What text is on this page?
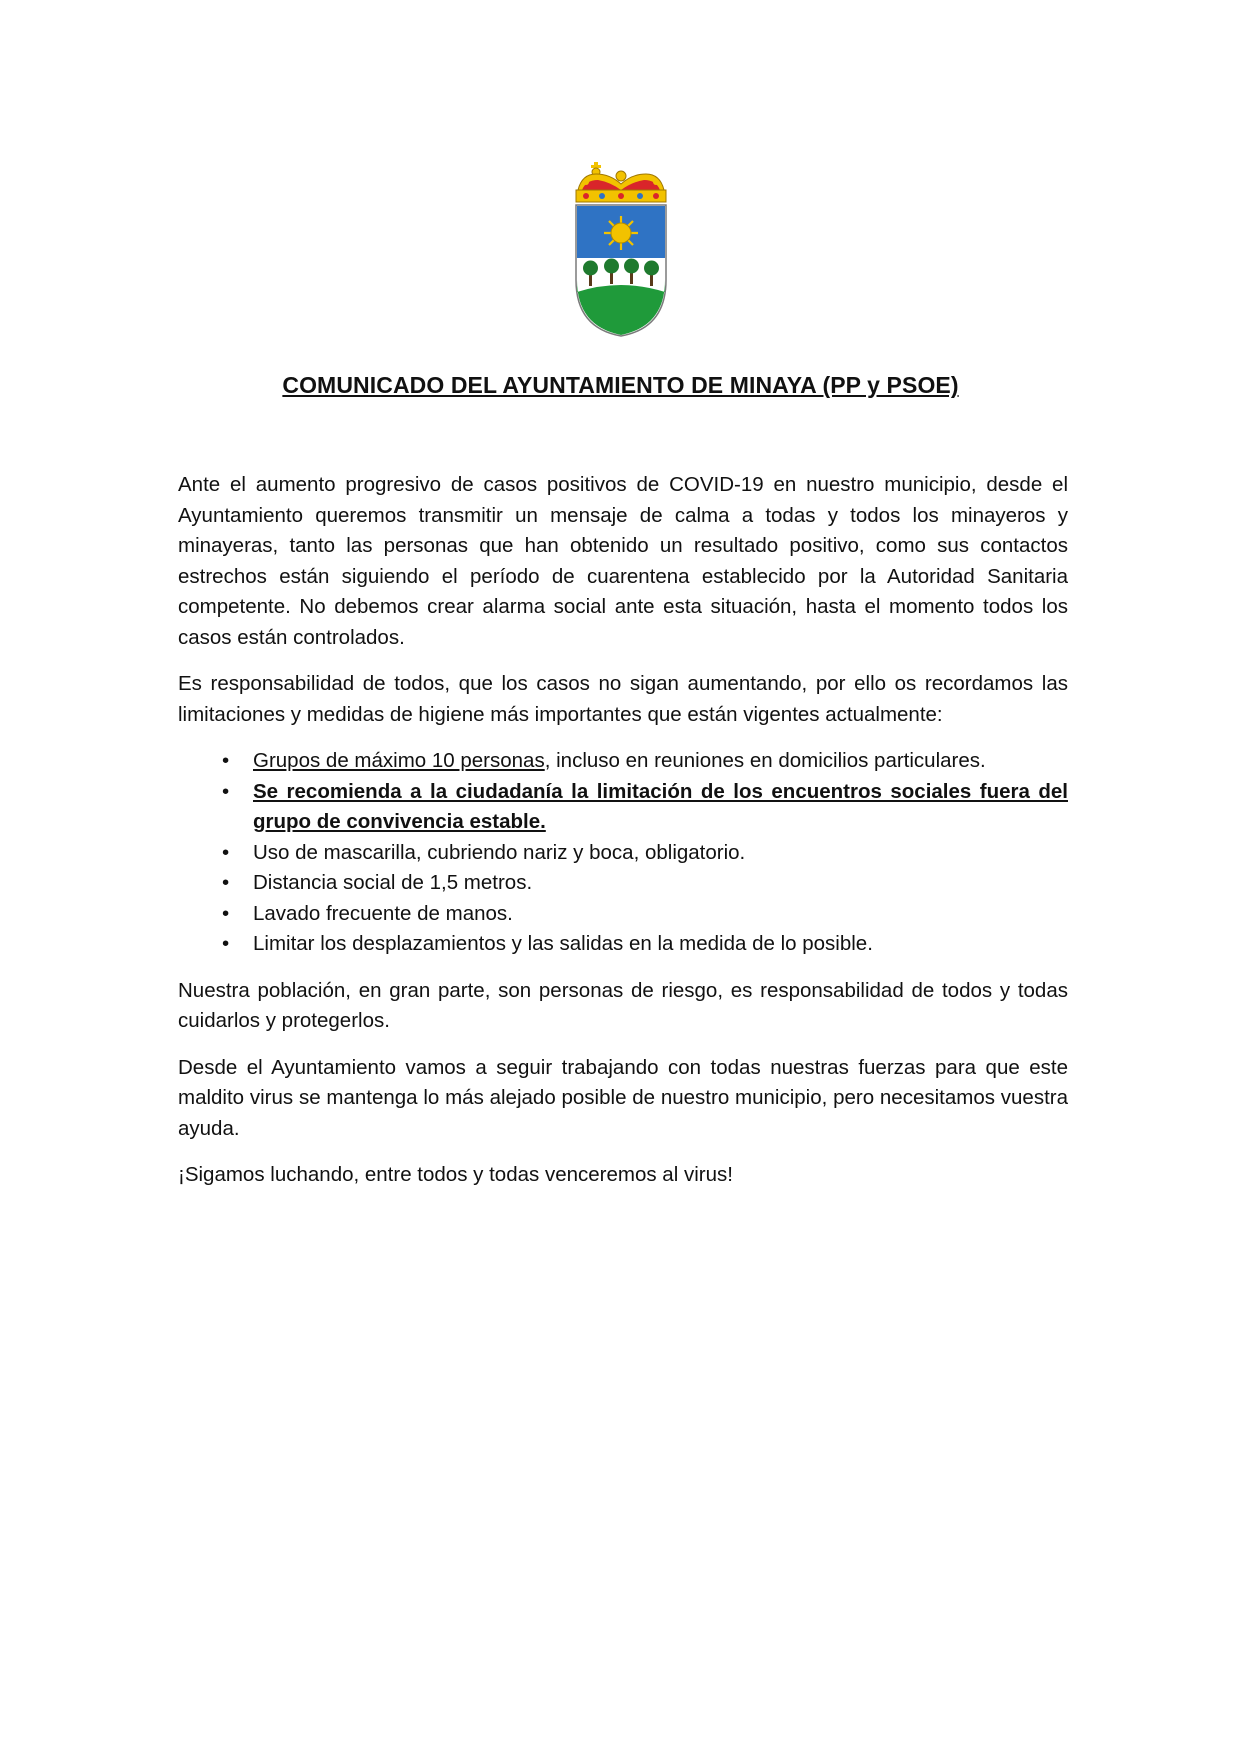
COMUNICADO DEL AYUNTAMIENTO DE MINAYA (PP y PSOE)

Ante el aumento progresivo de casos positivos de COVID-19 en nuestro municipio, desde el Ayuntamiento queremos transmitir un mensaje de calma a todas y todos los minayeros y minayeras, tanto las personas que han obtenido un resultado positivo, como sus contactos estrechos están siguiendo el período de cuarentena establecido por la Autoridad Sanitaria competente. No debemos crear alarma social ante esta situación, hasta el momento todos los casos están controlados.

Es responsabilidad de todos, que los casos no sigan aumentando, por ello os recordamos las limitaciones y medidas de higiene más importantes que están vigentes actualmente:

• Grupos de máximo 10 personas, incluso en reuniones en domicilios particulares.
• Se recomienda a la ciudadanía la limitación de los encuentros sociales fuera del grupo de convivencia estable.
• Uso de mascarilla, cubriendo nariz y boca, obligatorio.
• Distancia social de 1,5 metros.
• Lavado frecuente de manos.
• Limitar los desplazamientos y las salidas en la medida de lo posible.

Nuestra población, en gran parte, son personas de riesgo, es responsabilidad de todos y todas cuidarlos y protegerlos.

Desde el Ayuntamiento vamos a seguir trabajando con todas nuestras fuerzas para que este maldito virus se mantenga lo más alejado posible de nuestro municipio, pero necesitamos vuestra ayuda.

¡Sigamos luchando, entre todos y todas venceremos al virus!
